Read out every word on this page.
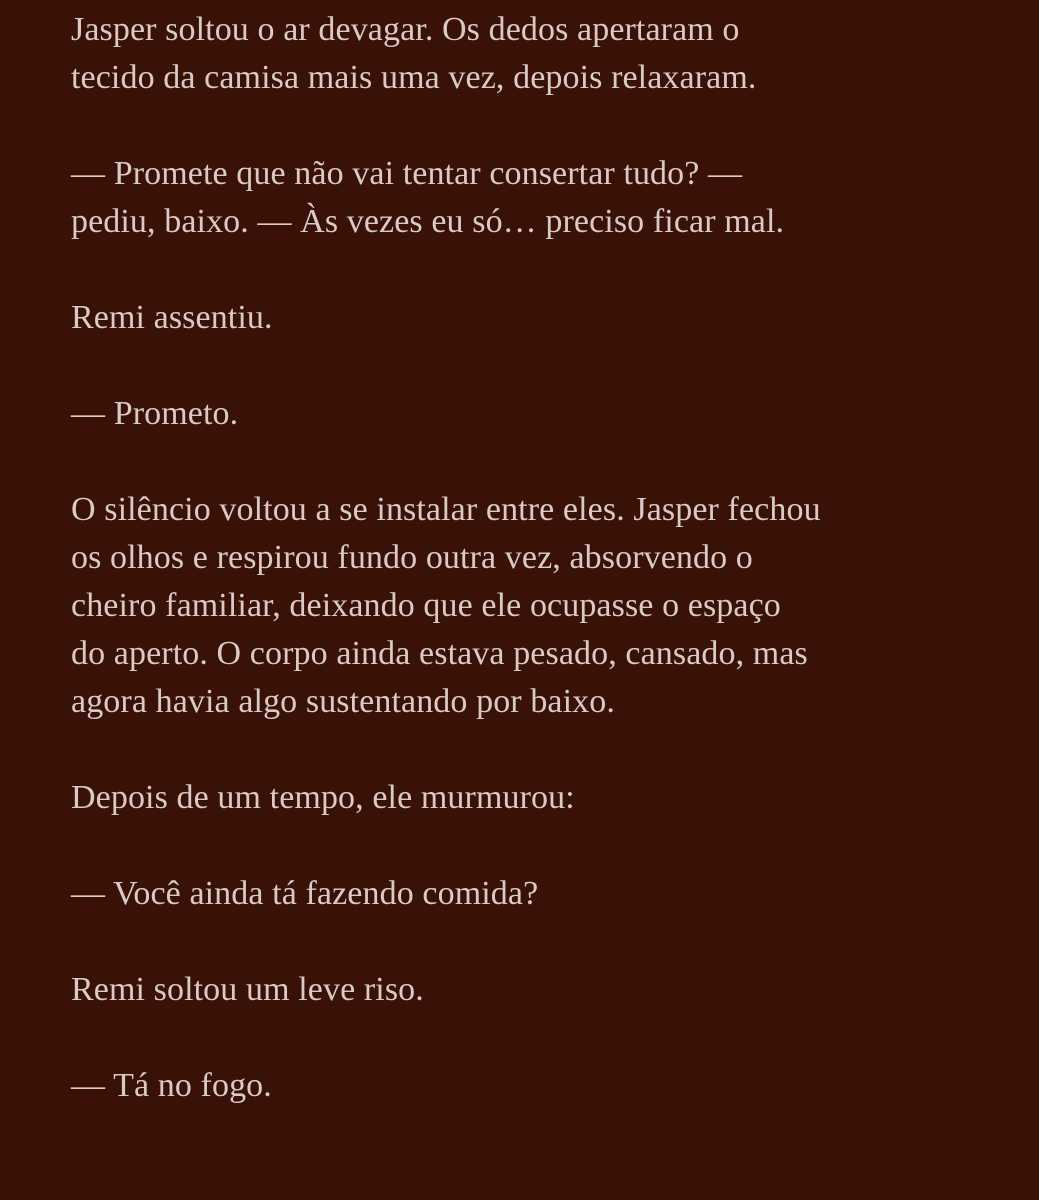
Jasper soltou o ar devagar. Os dedos apertaram o
tecido da camisa mais uma vez, depois relaxaram.
— Promete que não vai tentar consertar tudo? —
pediu, baixo. — Às vezes eu só… preciso ficar mal.
Remi assentiu.
— Prometo.
O silêncio voltou a se instalar entre eles. Jasper fechou
os olhos e respirou fundo outra vez, absorvendo o
cheiro familiar, deixando que ele ocupasse o espaço
do aperto. O corpo ainda estava pesado, cansado, mas
agora havia algo sustentando por baixo.
Depois de um tempo, ele murmurou:
— Você ainda tá fazendo comida?
Remi soltou um leve riso.
— Tá no fogo.
